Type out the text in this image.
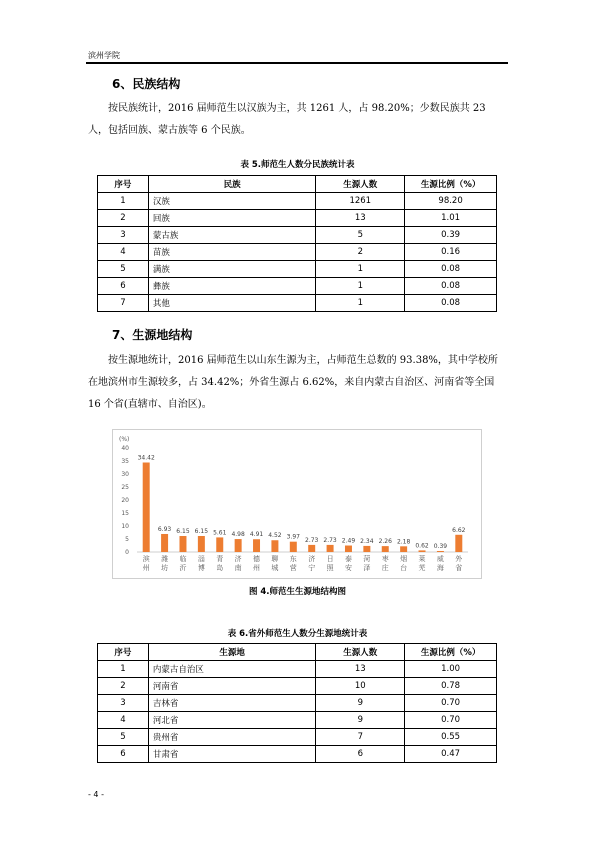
滨州学院
6、民族结构
按民族统计，2016 届师范生以汉族为主，共 1261 人，占 98.20%；少数民族共 23 人，包括回族、蒙古族等 6 个民族。
表 5.师范生人数分民族统计表
序号	民族	生源人数	生源比例（%）
1	汉族	1261	98.20
2	回族	13	1.01
3	蒙古族	5	0.39
4	苗族	2	0.16
5	满族	1	0.08
6	彝族	1	0.08
7	其他	1	0.08
7、生源地结构
按生源地统计，2016 届师范生以山东生源为主，占师范生总数的 93.38%，其中学校所在地滨州市生源较多，占 34.42%；外省生源占 6.62%，来自内蒙古自治区、河南省等全国 16 个省(直辖市、自治区)。
(%)
0
5
10
15
20
25
30
35
40
34.42
滨州
6.93
潍坊
6.15
临沂
6.15
淄博
5.61
青岛
4.98
济南
4.91
德州
4.52
聊城
3.97
东营
2.73
济宁
2.73
日照
2.49
泰安
2.34
菏泽
2.26
枣庄
2.18
烟台
0.62
莱芜
0.39
威海
6.62
外省
图 4.师范生生源地结构图
表 6.省外师范生人数分生源地统计表
序号	生源地	生源人数	生源比例（%）
1	内蒙古自治区	13	1.00
2	河南省	10	0.78
3	吉林省	9	0.70
4	河北省	9	0.70
5	贵州省	7	0.55
6	甘肃省	6	0.47
- 4 -
